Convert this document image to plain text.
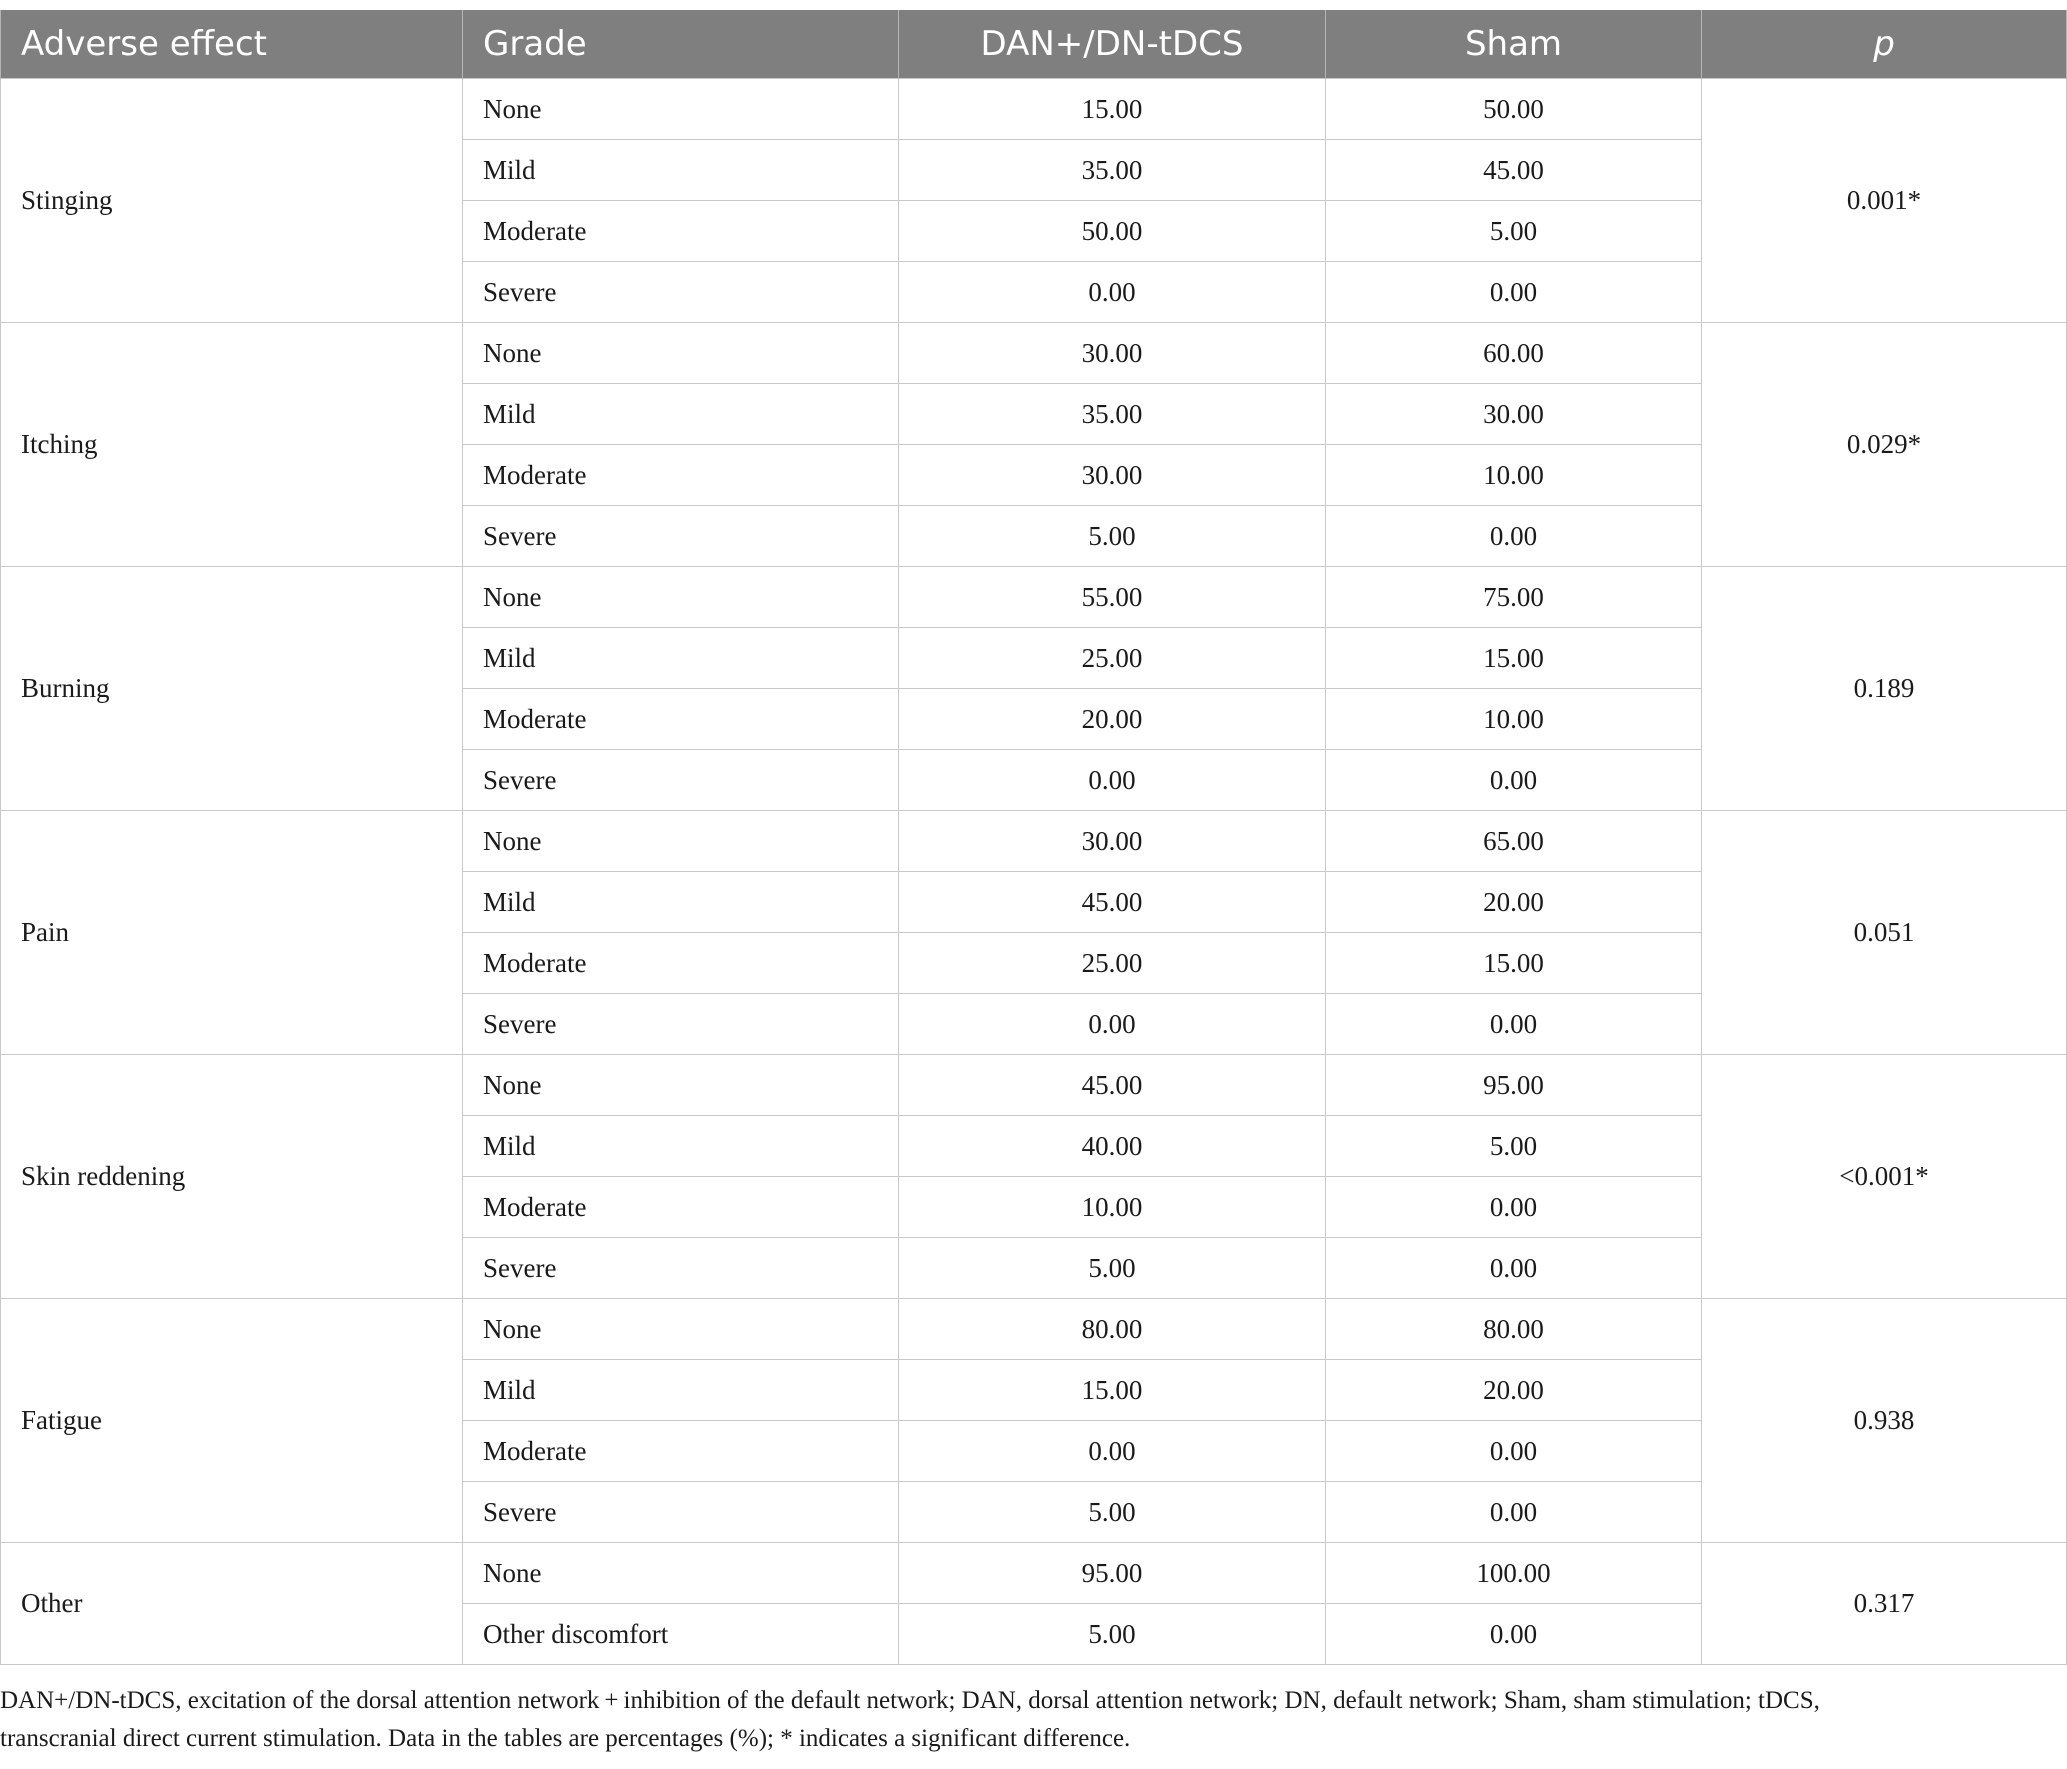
Adverse effect	Grade	DAN+/DN-tDCS	Sham	p
Stinging	None	15.00	50.00	0.001*
	Mild	35.00	45.00	
	Moderate	50.00	5.00	
	Severe	0.00	0.00	
Itching	None	30.00	60.00	0.029*
	Mild	35.00	30.00	
	Moderate	30.00	10.00	
	Severe	5.00	0.00	
Burning	None	55.00	75.00	0.189
	Mild	25.00	15.00	
	Moderate	20.00	10.00	
	Severe	0.00	0.00	
Pain	None	30.00	65.00	0.051
	Mild	45.00	20.00	
	Moderate	25.00	15.00	
	Severe	0.00	0.00	
Skin reddening	None	45.00	95.00	<0.001*
	Mild	40.00	5.00	
	Moderate	10.00	0.00	
	Severe	5.00	0.00	
Fatigue	None	80.00	80.00	0.938
	Mild	15.00	20.00	
	Moderate	0.00	0.00	
	Severe	5.00	0.00	
Other	None	95.00	100.00	0.317
	Other discomfort	5.00	0.00	
DAN+/DN-tDCS, excitation of the dorsal attention network + inhibition of the default network; DAN, dorsal attention network; DN, default network; Sham, sham stimulation; tDCS,
transcranial direct current stimulation. Data in the tables are percentages (%); * indicates a significant difference.
